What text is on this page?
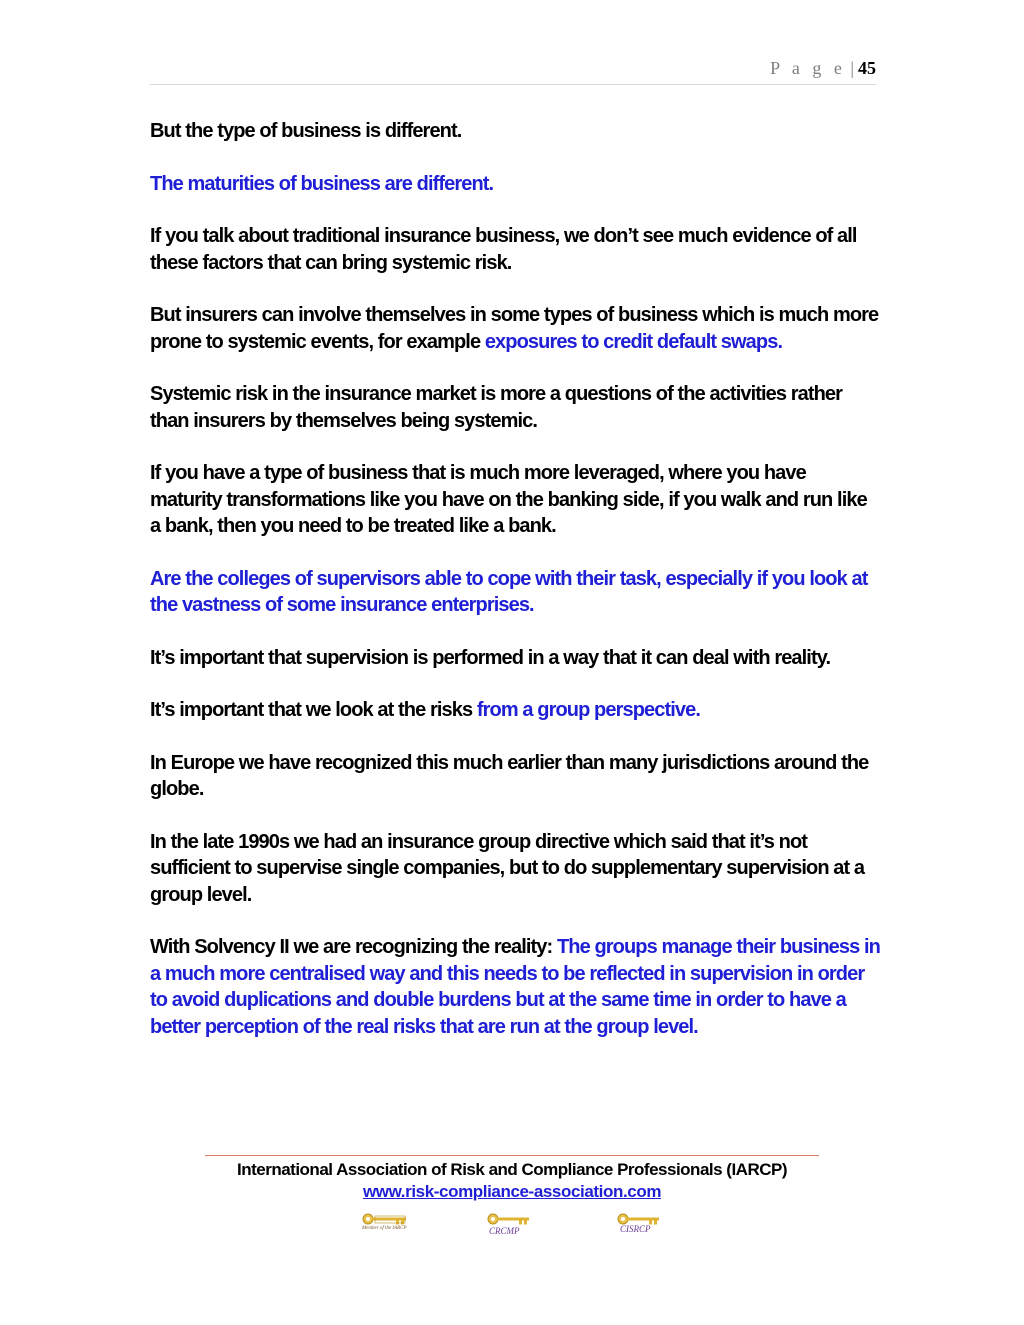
P a g e | 45

But the type of business is different.

The maturities of business are different.

If you talk about traditional insurance business, we don’t see much evidence of all these factors that can bring systemic risk.

But insurers can involve themselves in some types of business which is much more prone to systemic events, for example exposures to credit default swaps.

Systemic risk in the insurance market is more a questions of the activities rather than insurers by themselves being systemic.

If you have a type of business that is much more leveraged, where you have maturity transformations like you have on the banking side, if you walk and run like a bank, then you need to be treated like a bank.

Are the colleges of supervisors able to cope with their task, especially if you look at the vastness of some insurance enterprises.

It’s important that supervision is performed in a way that it can deal with reality.

It’s important that we look at the risks from a group perspective.

In Europe we have recognized this much earlier than many jurisdictions around the globe.

In the late 1990s we had an insurance group directive which said that it’s not sufficient to supervise single companies, but to do supplementary supervision at a group level.

With Solvency II we are recognizing the reality: The groups manage their business in a much more centralised way and this needs to be reflected in supervision in order to avoid duplications and double burdens but at the same time in order to have a better perception of the real risks that are run at the group level.

International Association of Risk and Compliance Professionals (IARCP)
www.risk-compliance-association.com
Member of the IARCP	CRCMP	CISRCP
